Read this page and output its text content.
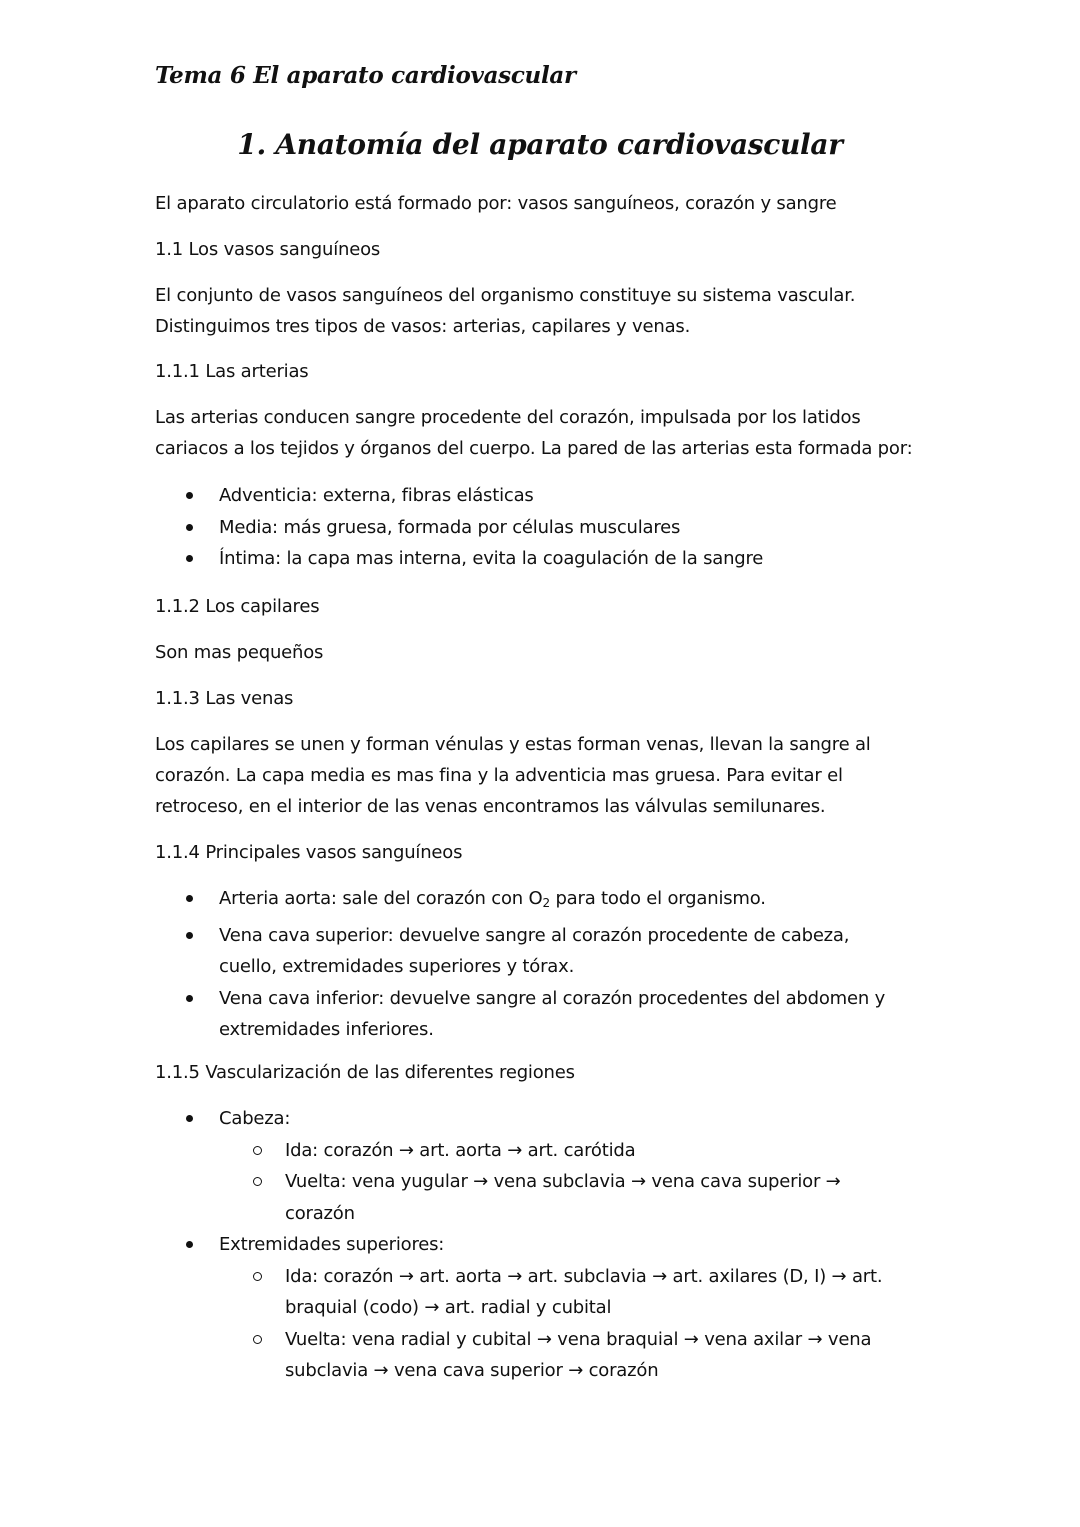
Tema 6 El aparato cardiovascular
1. Anatomía del aparato cardiovascular
El aparato circulatorio está formado por: vasos sanguíneos, corazón y sangre
1.1 Los vasos sanguíneos
El conjunto de vasos sanguíneos del organismo constituye su sistema vascular. Distinguimos tres tipos de vasos: arterias, capilares y venas.
1.1.1 Las arterias
Las arterias conducen sangre procedente del corazón, impulsada por los latidos cariacos a los tejidos y órganos del cuerpo. La pared de las arterias esta formada por:
Adventicia: externa, fibras elásticas
Media: más gruesa, formada por células musculares
Íntima: la capa mas interna, evita la coagulación de la sangre
1.1.2 Los capilares
Son mas pequeños
1.1.3 Las venas
Los capilares se unen y forman vénulas y estas forman venas, llevan la sangre al corazón. La capa media es mas fina y la adventicia mas gruesa. Para evitar el retroceso, en el interior de las venas encontramos las válvulas semilunares.
1.1.4 Principales vasos sanguíneos
Arteria aorta: sale del corazón con $O_2$ para todo el organismo.
Vena cava superior: devuelve sangre al corazón procedente de cabeza, cuello, extremidades superiores y tórax.
Vena cava inferior: devuelve sangre al corazón procedentes del abdomen y extremidades inferiores.
1.1.5 Vascularización de las diferentes regiones
Cabeza:
Ida: corazón → art. aorta → art. carótida
Vuelta: vena yugular → vena subclavia → vena cava superior → corazón
Extremidades superiores:
Ida: corazón → art. aorta → art. subclavia → art. axilares (D, I) → art. braquial (codo) → art. radial y cubital
Vuelta: vena radial y cubital → vena braquial → vena axilar → vena subclavia → vena cava superior → corazón
